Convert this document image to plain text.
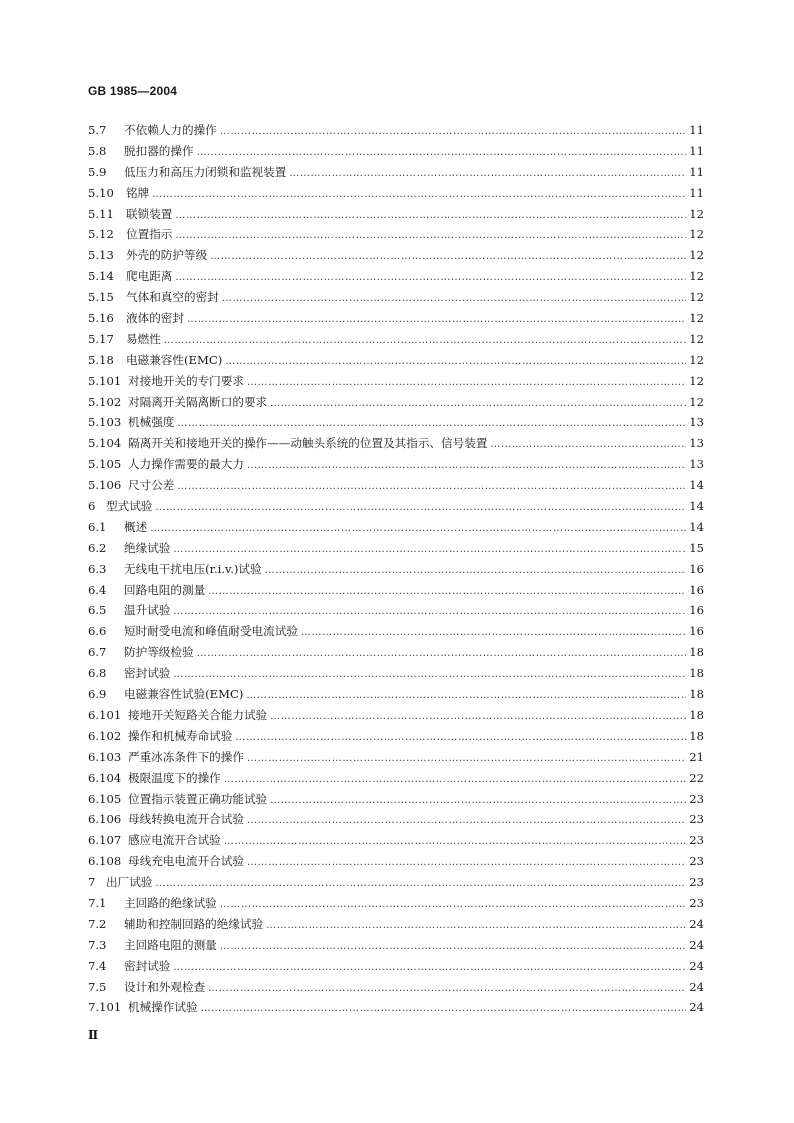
GB 1985—2004
5.7	不依赖人力的操作 ……………………………………………………………………………………………………………………………………………………………………………………………………………………………………………	11
5.8	脱扣器的操作 ……………………………………………………………………………………………………………………………………………………………………………………………………………………………………………	11
5.9	低压力和高压力闭锁和监视装置 ……………………………………………………………………………………………………………………………………………………………………………………………………………………………………………	11
5.10	铭牌 ……………………………………………………………………………………………………………………………………………………………………………………………………………………………………………	11
5.11	联锁装置 ……………………………………………………………………………………………………………………………………………………………………………………………………………………………………………	12
5.12	位置指示 ……………………………………………………………………………………………………………………………………………………………………………………………………………………………………………	12
5.13	外壳的防护等级 ……………………………………………………………………………………………………………………………………………………………………………………………………………………………………………	12
5.14	爬电距离 ……………………………………………………………………………………………………………………………………………………………………………………………………………………………………………	12
5.15	气体和真空的密封 ……………………………………………………………………………………………………………………………………………………………………………………………………………………………………………	12
5.16	液体的密封 ……………………………………………………………………………………………………………………………………………………………………………………………………………………………………………	12
5.17	易燃性 ……………………………………………………………………………………………………………………………………………………………………………………………………………………………………………	12
5.18	电磁兼容性(EMC) ……………………………………………………………………………………………………………………………………………………………………………………………………………………………………………	12
5.101 对接地开关的专门要求 ……………………………………………………………………………………………………………………………………………………………………………………………………………………………………………	12
5.102 对隔离开关隔离断口的要求 ……………………………………………………………………………………………………………………………………………………………………………………………………………………………………………	12
5.103 机械强度 ……………………………………………………………………………………………………………………………………………………………………………………………………………………………………………	13
5.104 隔离开关和接地开关的操作——动触头系统的位置及其指示、信号装置 ……………………………………………………………………………………………………………………………………………………………………………………………………………………………………………	13
5.105 人力操作需要的最大力 ……………………………………………………………………………………………………………………………………………………………………………………………………………………………………………	13
5.106 尺寸公差 ……………………………………………………………………………………………………………………………………………………………………………………………………………………………………………	14
6 型式试验 ……………………………………………………………………………………………………………………………………………………………………………………………………………………………………………	14
6.1	概述 ……………………………………………………………………………………………………………………………………………………………………………………………………………………………………………	14
6.2	绝缘试验 ……………………………………………………………………………………………………………………………………………………………………………………………………………………………………………	15
6.3	无线电干扰电压(r.i.v.)试验 ……………………………………………………………………………………………………………………………………………………………………………………………………………………………………………	16
6.4	回路电阻的测量 ……………………………………………………………………………………………………………………………………………………………………………………………………………………………………………	16
6.5	温升试验 ……………………………………………………………………………………………………………………………………………………………………………………………………………………………………………	16
6.6	短时耐受电流和峰值耐受电流试验 ……………………………………………………………………………………………………………………………………………………………………………………………………………………………………………	16
6.7	防护等级检验 ……………………………………………………………………………………………………………………………………………………………………………………………………………………………………………	18
6.8	密封试验 ……………………………………………………………………………………………………………………………………………………………………………………………………………………………………………	18
6.9	电磁兼容性试验(EMC) ……………………………………………………………………………………………………………………………………………………………………………………………………………………………………………	18
6.101 接地开关短路关合能力试验 ……………………………………………………………………………………………………………………………………………………………………………………………………………………………………………	18
6.102 操作和机械寿命试验 ……………………………………………………………………………………………………………………………………………………………………………………………………………………………………………	18
6.103 严重冰冻条件下的操作 ……………………………………………………………………………………………………………………………………………………………………………………………………………………………………………	21
6.104 极限温度下的操作 ……………………………………………………………………………………………………………………………………………………………………………………………………………………………………………	22
6.105 位置指示装置正确功能试验 ……………………………………………………………………………………………………………………………………………………………………………………………………………………………………………	23
6.106 母线转换电流开合试验 ……………………………………………………………………………………………………………………………………………………………………………………………………………………………………………	23
6.107 感应电流开合试验 ……………………………………………………………………………………………………………………………………………………………………………………………………………………………………………	23
6.108 母线充电电流开合试验 ……………………………………………………………………………………………………………………………………………………………………………………………………………………………………………	23
7 出厂试验 ……………………………………………………………………………………………………………………………………………………………………………………………………………………………………………	23
7.1	主回路的绝缘试验 ……………………………………………………………………………………………………………………………………………………………………………………………………………………………………………	23
7.2	辅助和控制回路的绝缘试验 ……………………………………………………………………………………………………………………………………………………………………………………………………………………………………………	24
7.3	主回路电阻的测量 ……………………………………………………………………………………………………………………………………………………………………………………………………………………………………………	24
7.4	密封试验 ……………………………………………………………………………………………………………………………………………………………………………………………………………………………………………	24
7.5	设计和外观检查 ……………………………………………………………………………………………………………………………………………………………………………………………………………………………………………	24
7.101 机械操作试验 ……………………………………………………………………………………………………………………………………………………………………………………………………………………………………………	24
Ⅱ
